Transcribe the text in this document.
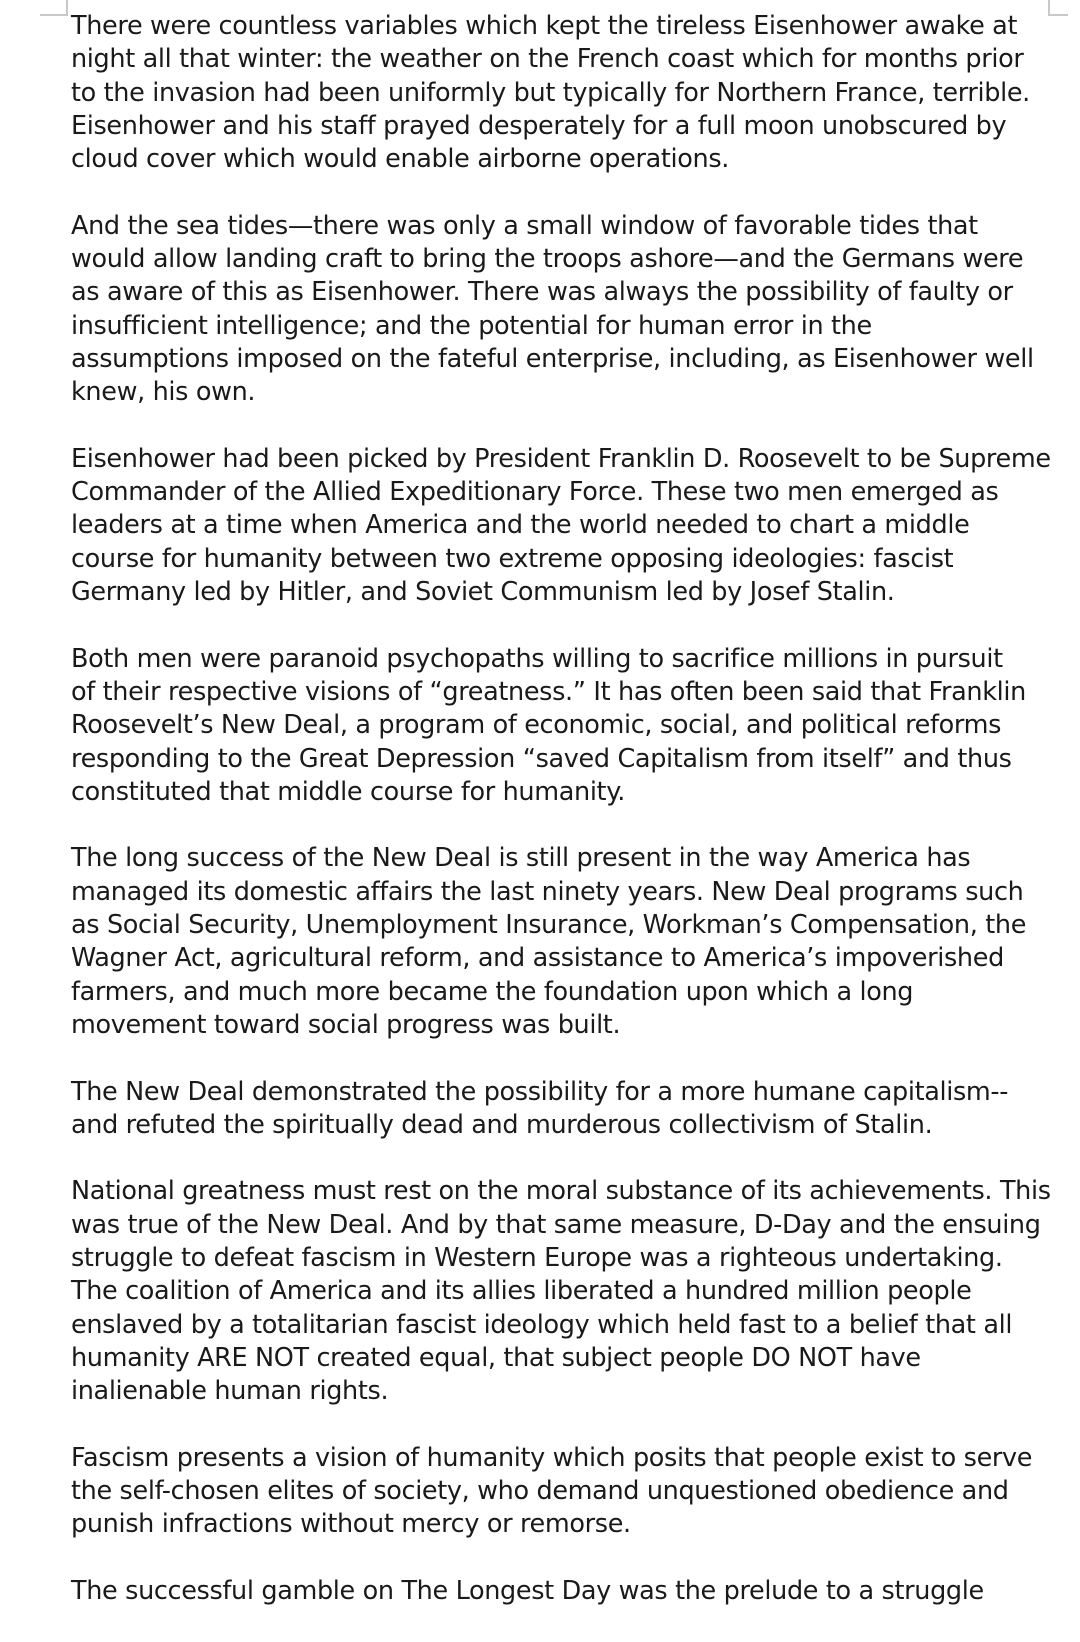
There were countless variables which kept the tireless Eisenhower awake at
night all that winter: the weather on the French coast which for months prior
to the invasion had been uniformly but typically for Northern France, terrible.
Eisenhower and his staff prayed desperately for a full moon unobscured by
cloud cover which would enable airborne operations.

And the sea tides—there was only a small window of favorable tides that
would allow landing craft to bring the troops ashore—and the Germans were
as aware of this as Eisenhower. There was always the possibility of faulty or
insufficient intelligence; and the potential for human error in the
assumptions imposed on the fateful enterprise, including, as Eisenhower well
knew, his own.

Eisenhower had been picked by President Franklin D. Roosevelt to be Supreme
Commander of the Allied Expeditionary Force. These two men emerged as
leaders at a time when America and the world needed to chart a middle
course for humanity between two extreme opposing ideologies: fascist
Germany led by Hitler, and Soviet Communism led by Josef Stalin.

Both men were paranoid psychopaths willing to sacrifice millions in pursuit
of their respective visions of “greatness.” It has often been said that Franklin
Roosevelt’s New Deal, a program of economic, social, and political reforms
responding to the Great Depression “saved Capitalism from itself” and thus
constituted that middle course for humanity.

The long success of the New Deal is still present in the way America has
managed its domestic affairs the last ninety years. New Deal programs such
as Social Security, Unemployment Insurance, Workman’s Compensation, the
Wagner Act, agricultural reform, and assistance to America’s impoverished
farmers, and much more became the foundation upon which a long
movement toward social progress was built.

The New Deal demonstrated the possibility for a more humane capitalism--
and refuted the spiritually dead and murderous collectivism of Stalin.

National greatness must rest on the moral substance of its achievements. This
was true of the New Deal. And by that same measure, D-Day and the ensuing
struggle to defeat fascism in Western Europe was a righteous undertaking.
The coalition of America and its allies liberated a hundred million people
enslaved by a totalitarian fascist ideology which held fast to a belief that all
humanity ARE NOT created equal, that subject people DO NOT have
inalienable human rights.

Fascism presents a vision of humanity which posits that people exist to serve
the self-chosen elites of society, who demand unquestioned obedience and
punish infractions without mercy or remorse.

The successful gamble on The Longest Day was the prelude to a struggle
